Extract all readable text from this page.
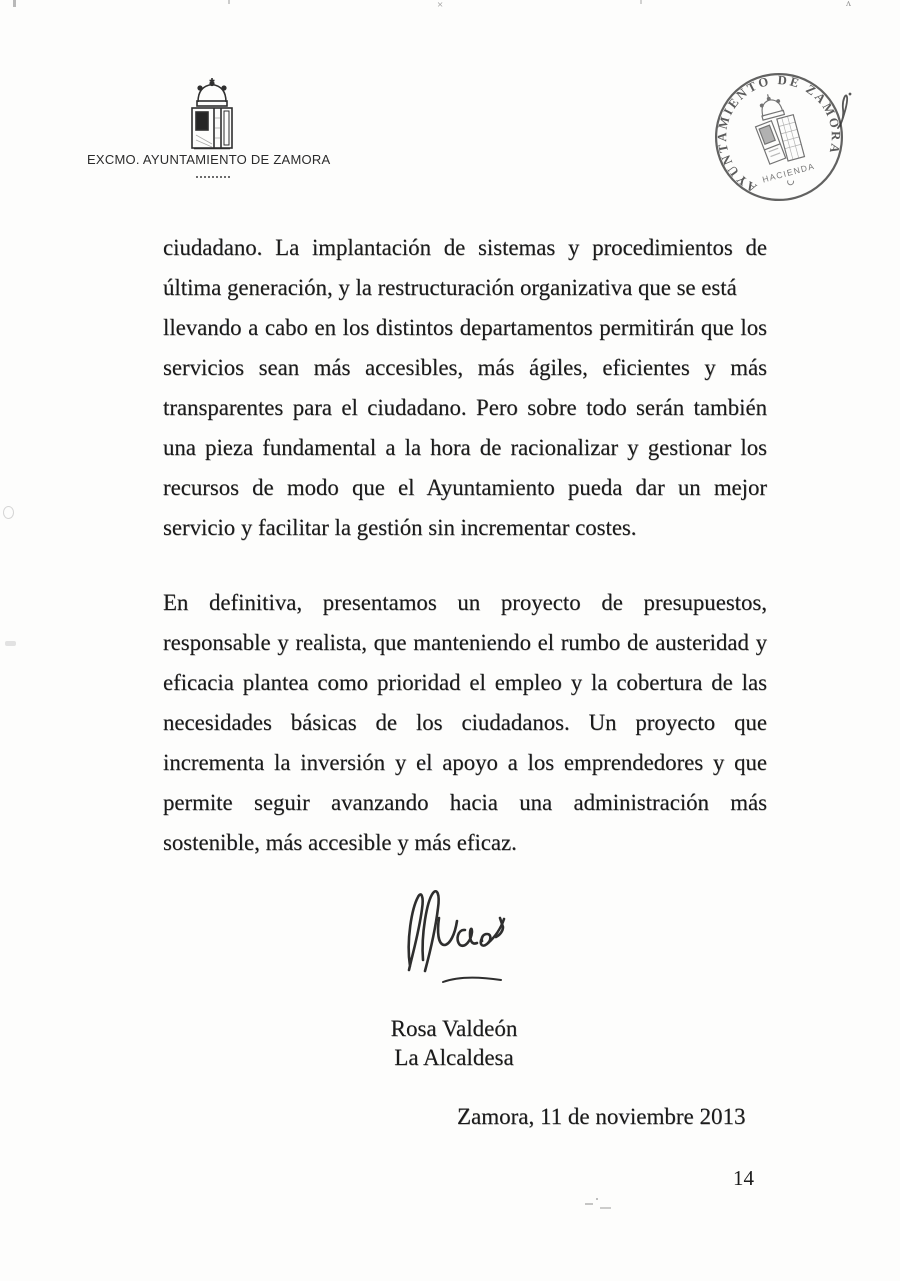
×	ʌ
EXCMO. AYUNTAMIENTO DE ZAMORA
AYUNTAMIENTO DE ZAMORA
HACIENDA
ciudadano. La implantación de sistemas y procedimientos de
última generación, y la restructuración organizativa que se está
llevando a cabo en los distintos departamentos permitirán que los
servicios sean más accesibles, más ágiles, eficientes y más
transparentes para el ciudadano. Pero sobre todo serán también
una pieza fundamental a la hora de racionalizar y gestionar los
recursos de modo que el Ayuntamiento pueda dar un mejor
servicio y facilitar la gestión sin incrementar costes.
En definitiva, presentamos un proyecto de presupuestos,
responsable y realista, que manteniendo el rumbo de austeridad y
eficacia plantea como prioridad el empleo y la cobertura de las
necesidades básicas de los ciudadanos. Un proyecto que
incrementa la inversión y el apoyo a los emprendedores y que
permite seguir avanzando hacia una administración más
sostenible, más accesible y más eficaz.
Rosa Valdeón
La Alcaldesa
Zamora, 11 de noviembre 2013
14
